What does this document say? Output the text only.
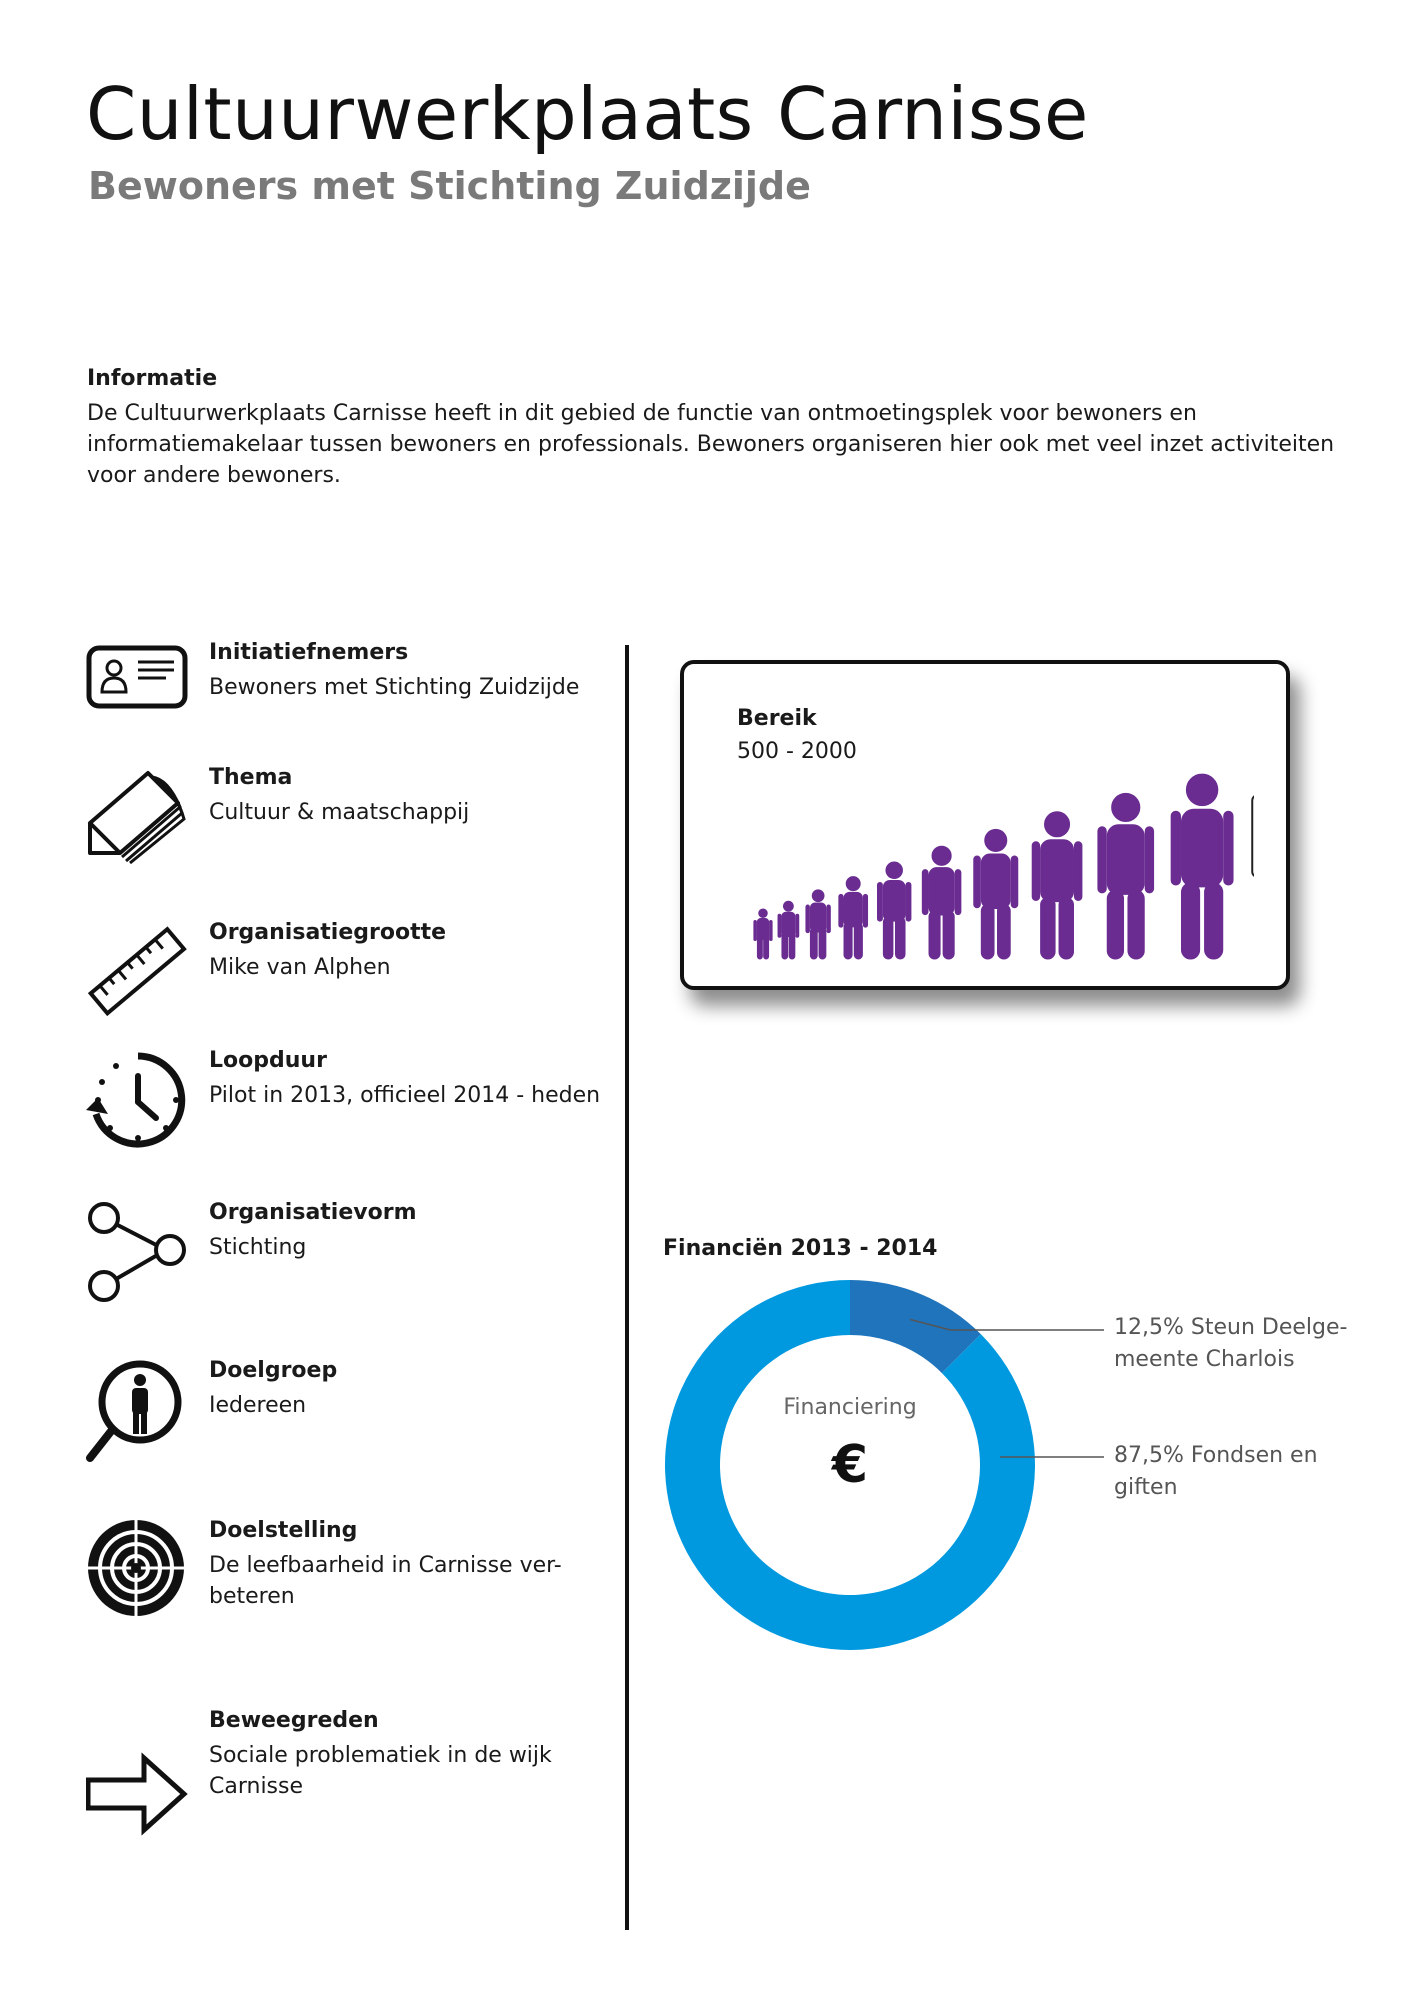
Cultuurwerkplaats Carnisse
Bewoners met Stichting Zuidzijde
Informatie

De Cultuurwerkplaats Carnisse heeft in dit gebied de functie van ontmoetingsplek voor bewoners en informatiemakelaar tussen bewoners en professionals. Bewoners organiseren hier ook met veel inzet activiteiten voor andere bewoners.

Initiatiefnemers
Bewoners met Stichting Zuidzijde
Thema
Cultuur & maatschappij
Organisatiegrootte
Mike van Alphen
Loopduur
Pilot in 2013, officieel 2014 - heden
Organisatievorm
Stichting
Doelgroep
Iedereen
Doelstelling
De leefbaarheid in Carnisse ver- beteren
Beweegreden
Sociale problematiek in de wijk Carnisse
Bereik
500 - 2000
Financiën 2013 - 2014
Financiering
€
12,5% Steun Deelge- meente Charlois
87,5% Fondsen en giften
